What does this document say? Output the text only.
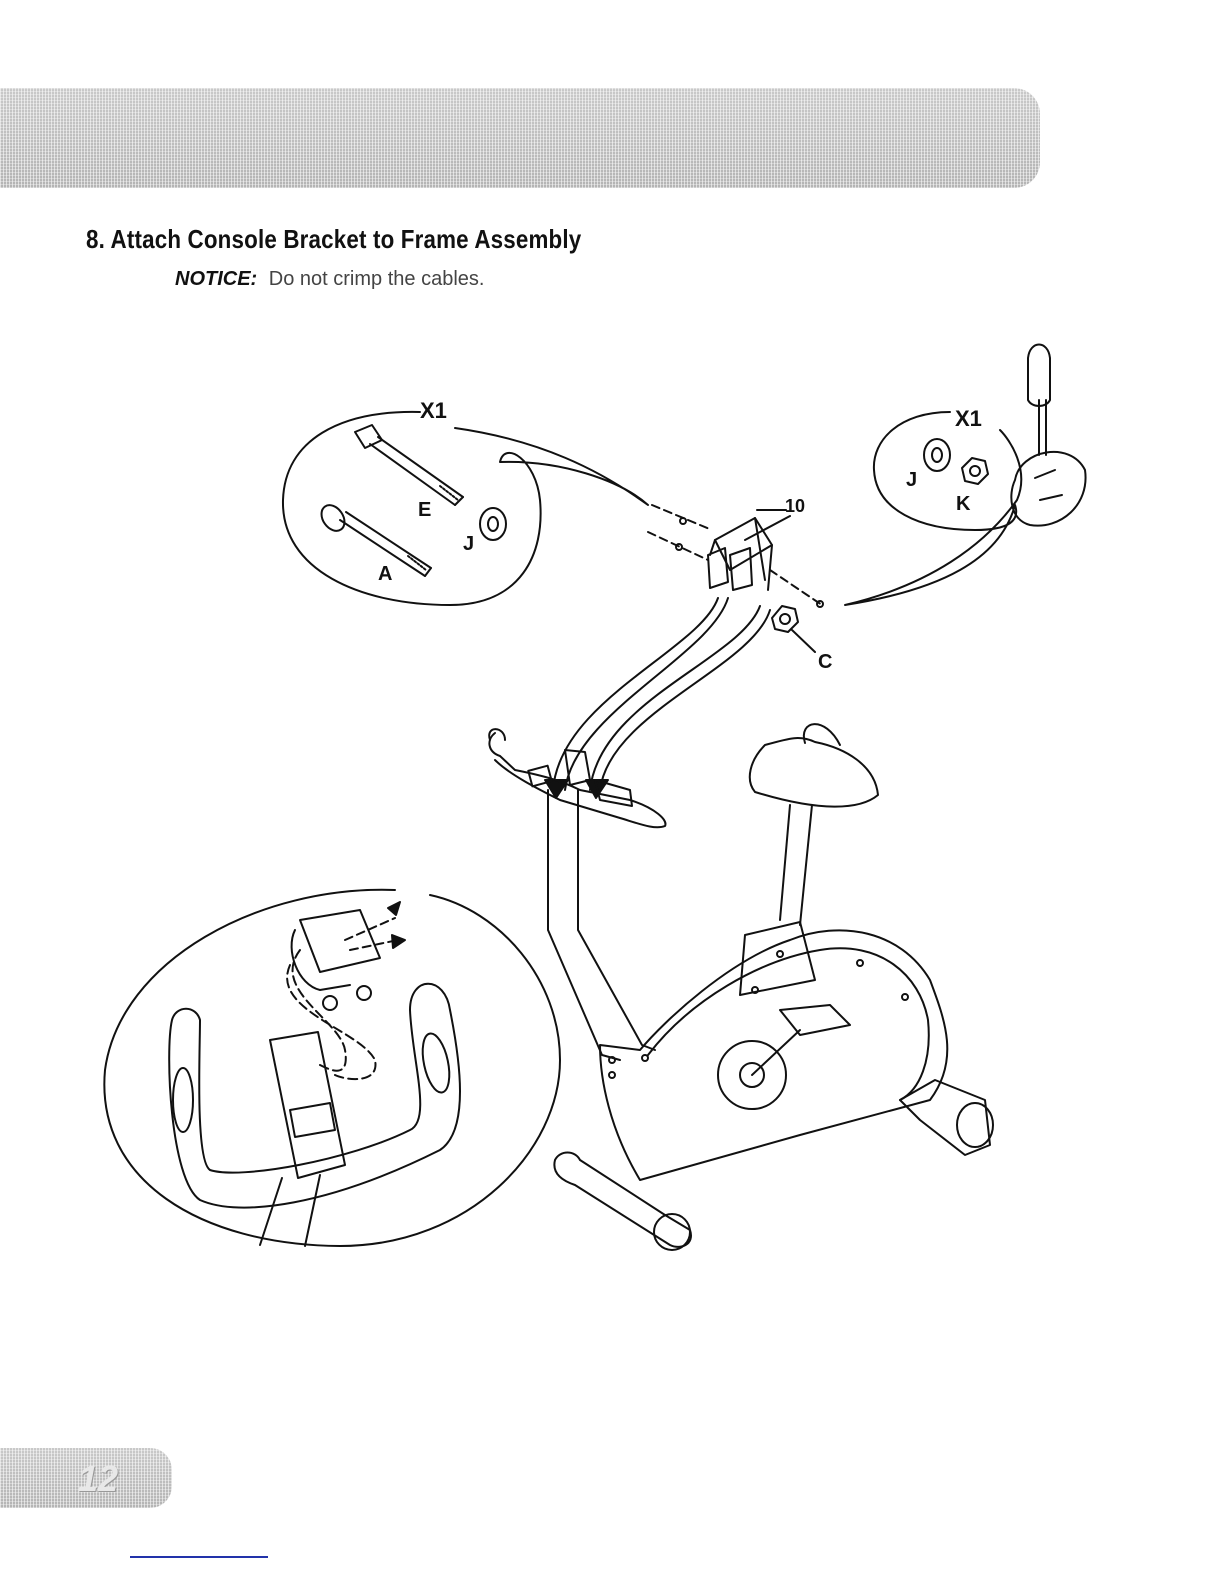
8. Attach Console Bracket to Frame Assembly
NOTICE: Do not crimp the cables.
X1	X1
E
A
J
J
K
10
C
12
